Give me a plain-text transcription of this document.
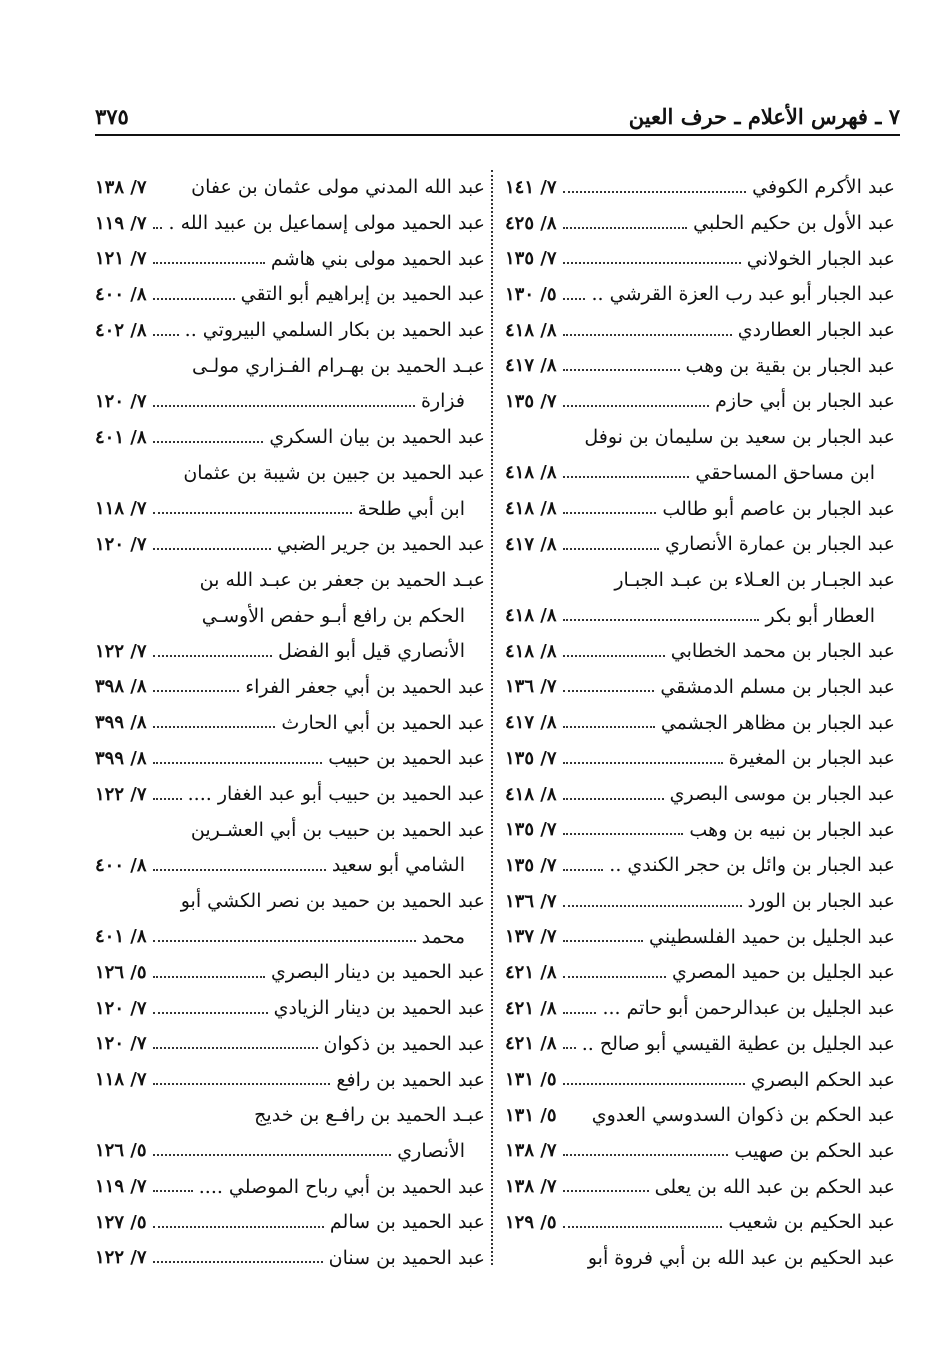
٣٧٥	٧ ـ فهرس الأعلام ـ حرف العين
عبد الأكرم الكوفي
٧/ ١٤١
عبد الأول بن حكيم الحلبي
٨/ ٤٢٥
عبد الجبار الخولاني
٧/ ١٣٥
عبد الجبار أبو عبد رب العزة القرشي ..
٥/ ١٣٠
عبد الجبار العطاردي
٨/ ٤١٨
عبد الجبار بن بقية بن وهب
٨/ ٤١٧
عبد الجبار بن أبي حازم
٧/ ١٣٥
عبد الجبار بن سعيد بن سليمان بن نوفل
ابن مساحق المساحقي
٨/ ٤١٨
عبد الجبار بن عاصم أبو طالب
٨/ ٤١٨
عبد الجبار بن عمارة الأنصاري
٨/ ٤١٧
عبد الجبـار بن العـلاء بن عبـد الجبـار
العطار أبو بكر
٨/ ٤١٨
عبد الجبار بن محمد الخطابي
٨/ ٤١٨
عبد الجبار بن مسلم الدمشقي
٧/ ١٣٦
عبد الجبار بن مظاهر الجشمي
٨/ ٤١٧
عبد الجبار بن المغيرة
٧/ ١٣٥
عبد الجبار بن موسى البصري
٨/ ٤١٨
عبد الجبار بن نبيه بن وهب
٧/ ١٣٥
عبد الجبار بن وائل بن حجر الكندي ..
٧/ ١٣٥
عبد الجبار بن الورد
٧/ ١٣٦
عبد الجليل بن حميد الفلسطيني
٧/ ١٣٧
عبد الجليل بن حميد المصري
٨/ ٤٢١
عبد الجليل بن عبدالرحمن أبو حاتم ...
٨/ ٤٢١
عبد الجليل بن عطية القيسي أبو صالح ..
٨/ ٤٢١
عبد الحكم البصري
٥/ ١٣١
عبد الحكم بن ذكوان السدوسي العدوي
٥/ ١٣١
عبد الحكم بن صهيب
٧/ ١٣٨
عبد الحكم بن عبد الله بن يعلى
٧/ ١٣٨
عبد الحكيم بن شعيب
٥/ ١٢٩
عبد الحكيم بن عبد الله بن أبي فروة أبو
عبد الله المدني مولى عثمان بن عفان
٧/ ١٣٨
عبد الحميد مولى إسماعيل بن عبيد الله .
٧/ ١١٩
عبد الحميد مولى بني هاشم
٧/ ١٢١
عبد الحميد بن إبراهيم أبو التقي
٨/ ٤٠٠
عبد الحميد بن بكار السلمي البيروتي ..
٨/ ٤٠٢
عبـد الحميد بن بهـرام الفـزاري مولـى
فزارة
٧/ ١٢٠
عبد الحميد بن بيان السكري
٨/ ٤٠١
عبد الحميد بن جبين بن شيبة بن عثمان
ابن أبي طلحة
٧/ ١١٨
عبد الحميد بن جرير الضبي
٧/ ١٢٠
عبـد الحميد بن جعفر بن عبـد الله بن
الحكم بن رافع أبـو حفص الأوسـي
الأنصاري قيل أبو الفضل
٧/ ١٢٢
عبد الحميد بن أبي جعفر الفراء
٨/ ٣٩٨
عبد الحميد بن أبي الحارث
٨/ ٣٩٩
عبد الحميد بن حبيب
٨/ ٣٩٩
عبد الحميد بن حبيب أبو عبد الغفار ....
٧/ ١٢٢
عبد الحميد بن حبيب بن أبي العشـرين
الشامي أبو سعيد
٨/ ٤٠٠
عبد الحميد بن حميد بن نصر الكشي أبو
محمد
٨/ ٤٠١
عبد الحميد بن دينار البصري
٥/ ١٢٦
عبد الحميد بن دينار الزيادي
٧/ ١٢٠
عبد الحميد بن ذكوان
٧/ ١٢٠
عبد الحميد بن رافع
٧/ ١١٨
عبـد الحميد بن رافـع بن خديج
الأنصاري
٥/ ١٢٦
عبد الحميد بن أبي رباح الموصلي ....
٧/ ١١٩
عبد الحميد بن سالم
٥/ ١٢٧
عبد الحميد بن سنان
٧/ ١٢٢
